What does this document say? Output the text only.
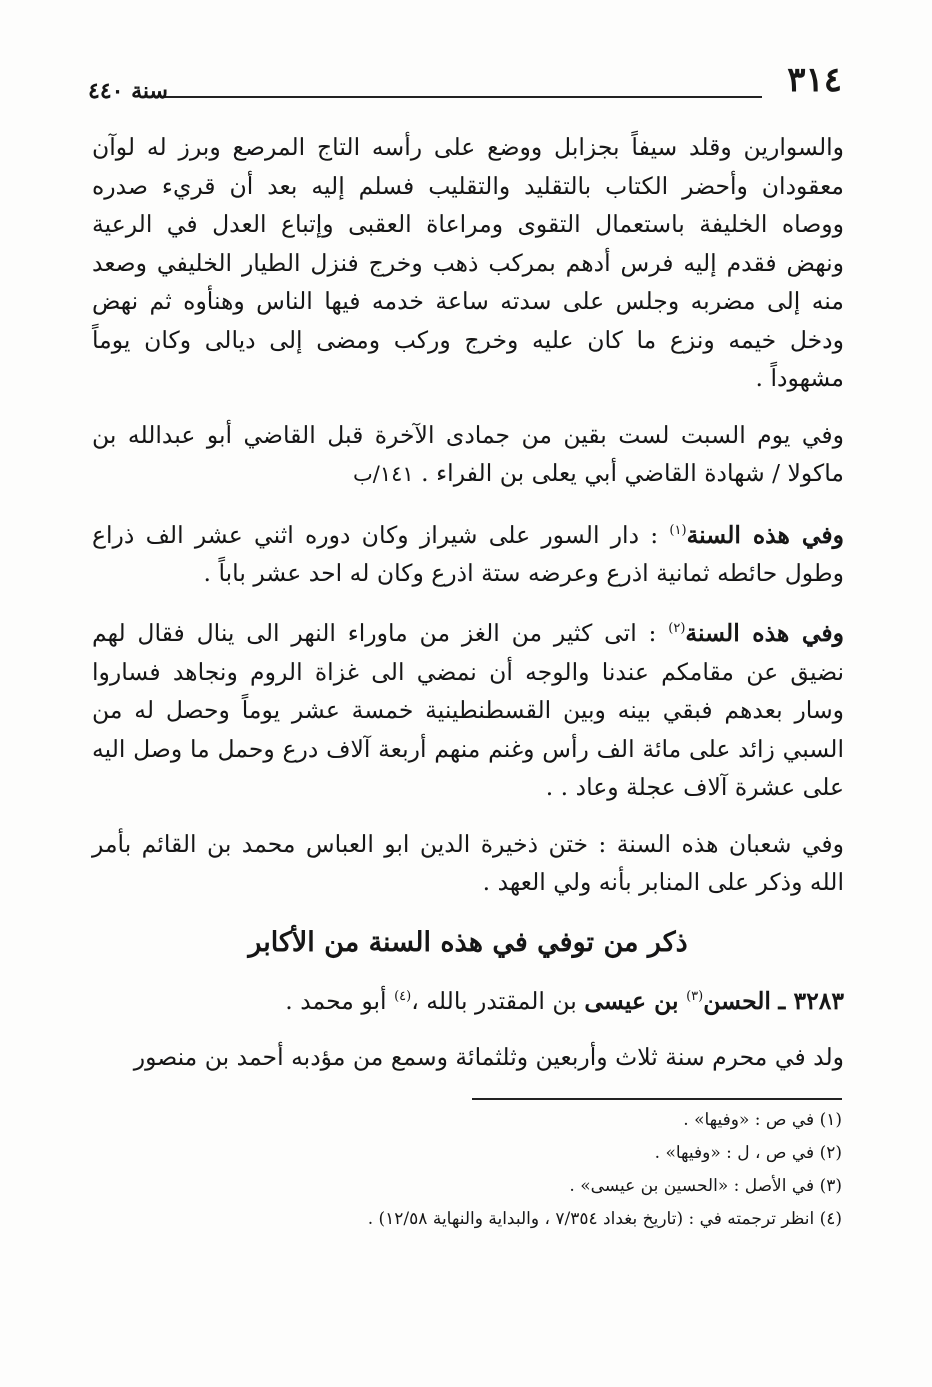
٣١٤
سنة ٤٤٠

والسوارين وقلد سيفاً بجزابل ووضع على رأسه التاج المرصع وبرز له لوآن معقودان وأحضر الكتاب بالتقليد والتقليب فسلم إليه بعد أن قريء صدره ووصاه الخليفة باستعمال التقوى ومراعاة العقبى وإتباع العدل في الرعية ونهض فقدم إليه فرس أدهم بمركب ذهب وخرج فنزل الطيار الخليفي وصعد منه إلى مضربه وجلس على سدته ساعة خدمه فيها الناس وهنأوه ثم نهض ودخل خيمه ونزع ما كان عليه وخرج وركب ومضى إلى ديالى وكان يوماً مشهوداً .

وفي يوم السبت لست بقين من جمادى الآخرة قبل القاضي أبو عبدالله بن ماكولا / شهادة القاضي أبي يعلى بن الفراء . ١٤١/ب

وفي هذه السنة$^{(١)}$ : دار السور على شيراز وكان دوره اثني عشر الف ذراع وطول حائطه ثمانية اذرع وعرضه ستة اذرع وكان له احد عشر باباً .

وفي هذه السنة$^{(٢)}$ : اتى كثير من الغز من ماوراء النهر الى ينال فقال لهم نضيق عن مقامكم عندنا والوجه أن نمضي الى غزاة الروم ونجاهد فساروا وسار بعدهم فبقي بينه وبين القسطنطينية خمسة عشر يوماً وحصل له من السبي زائد على مائة الف رأس وغنم منهم أربعة آلاف درع وحمل ما وصل اليه على عشرة آلاف عجلة وعاد . .

وفي شعبان هذه السنة : ختن ذخيرة الدين ابو العباس محمد بن القائم بأمر الله وذكر على المنابر بأنه ولي العهد .

ذكر من توفي في هذه السنة من الأكابر

٣٢٨٣ ـ الحسن$^{(٣)}$ بن عيسى بن المقتدر بالله ،$^{(٤)}$ أبو محمد .

ولد في محرم سنة ثلاث وأربعين وثلثمائة وسمع من مؤدبه أحمد بن منصور

(١) في ص : «وفيها» .

(٢) في ص ، ل : «وفيها» .

(٣) في الأصل : «الحسين بن عيسى» .

(٤) انظر ترجمته في : (تاريخ بغداد ٧/٣٥٤ ، والبداية والنهاية ١٢/٥٨) .
